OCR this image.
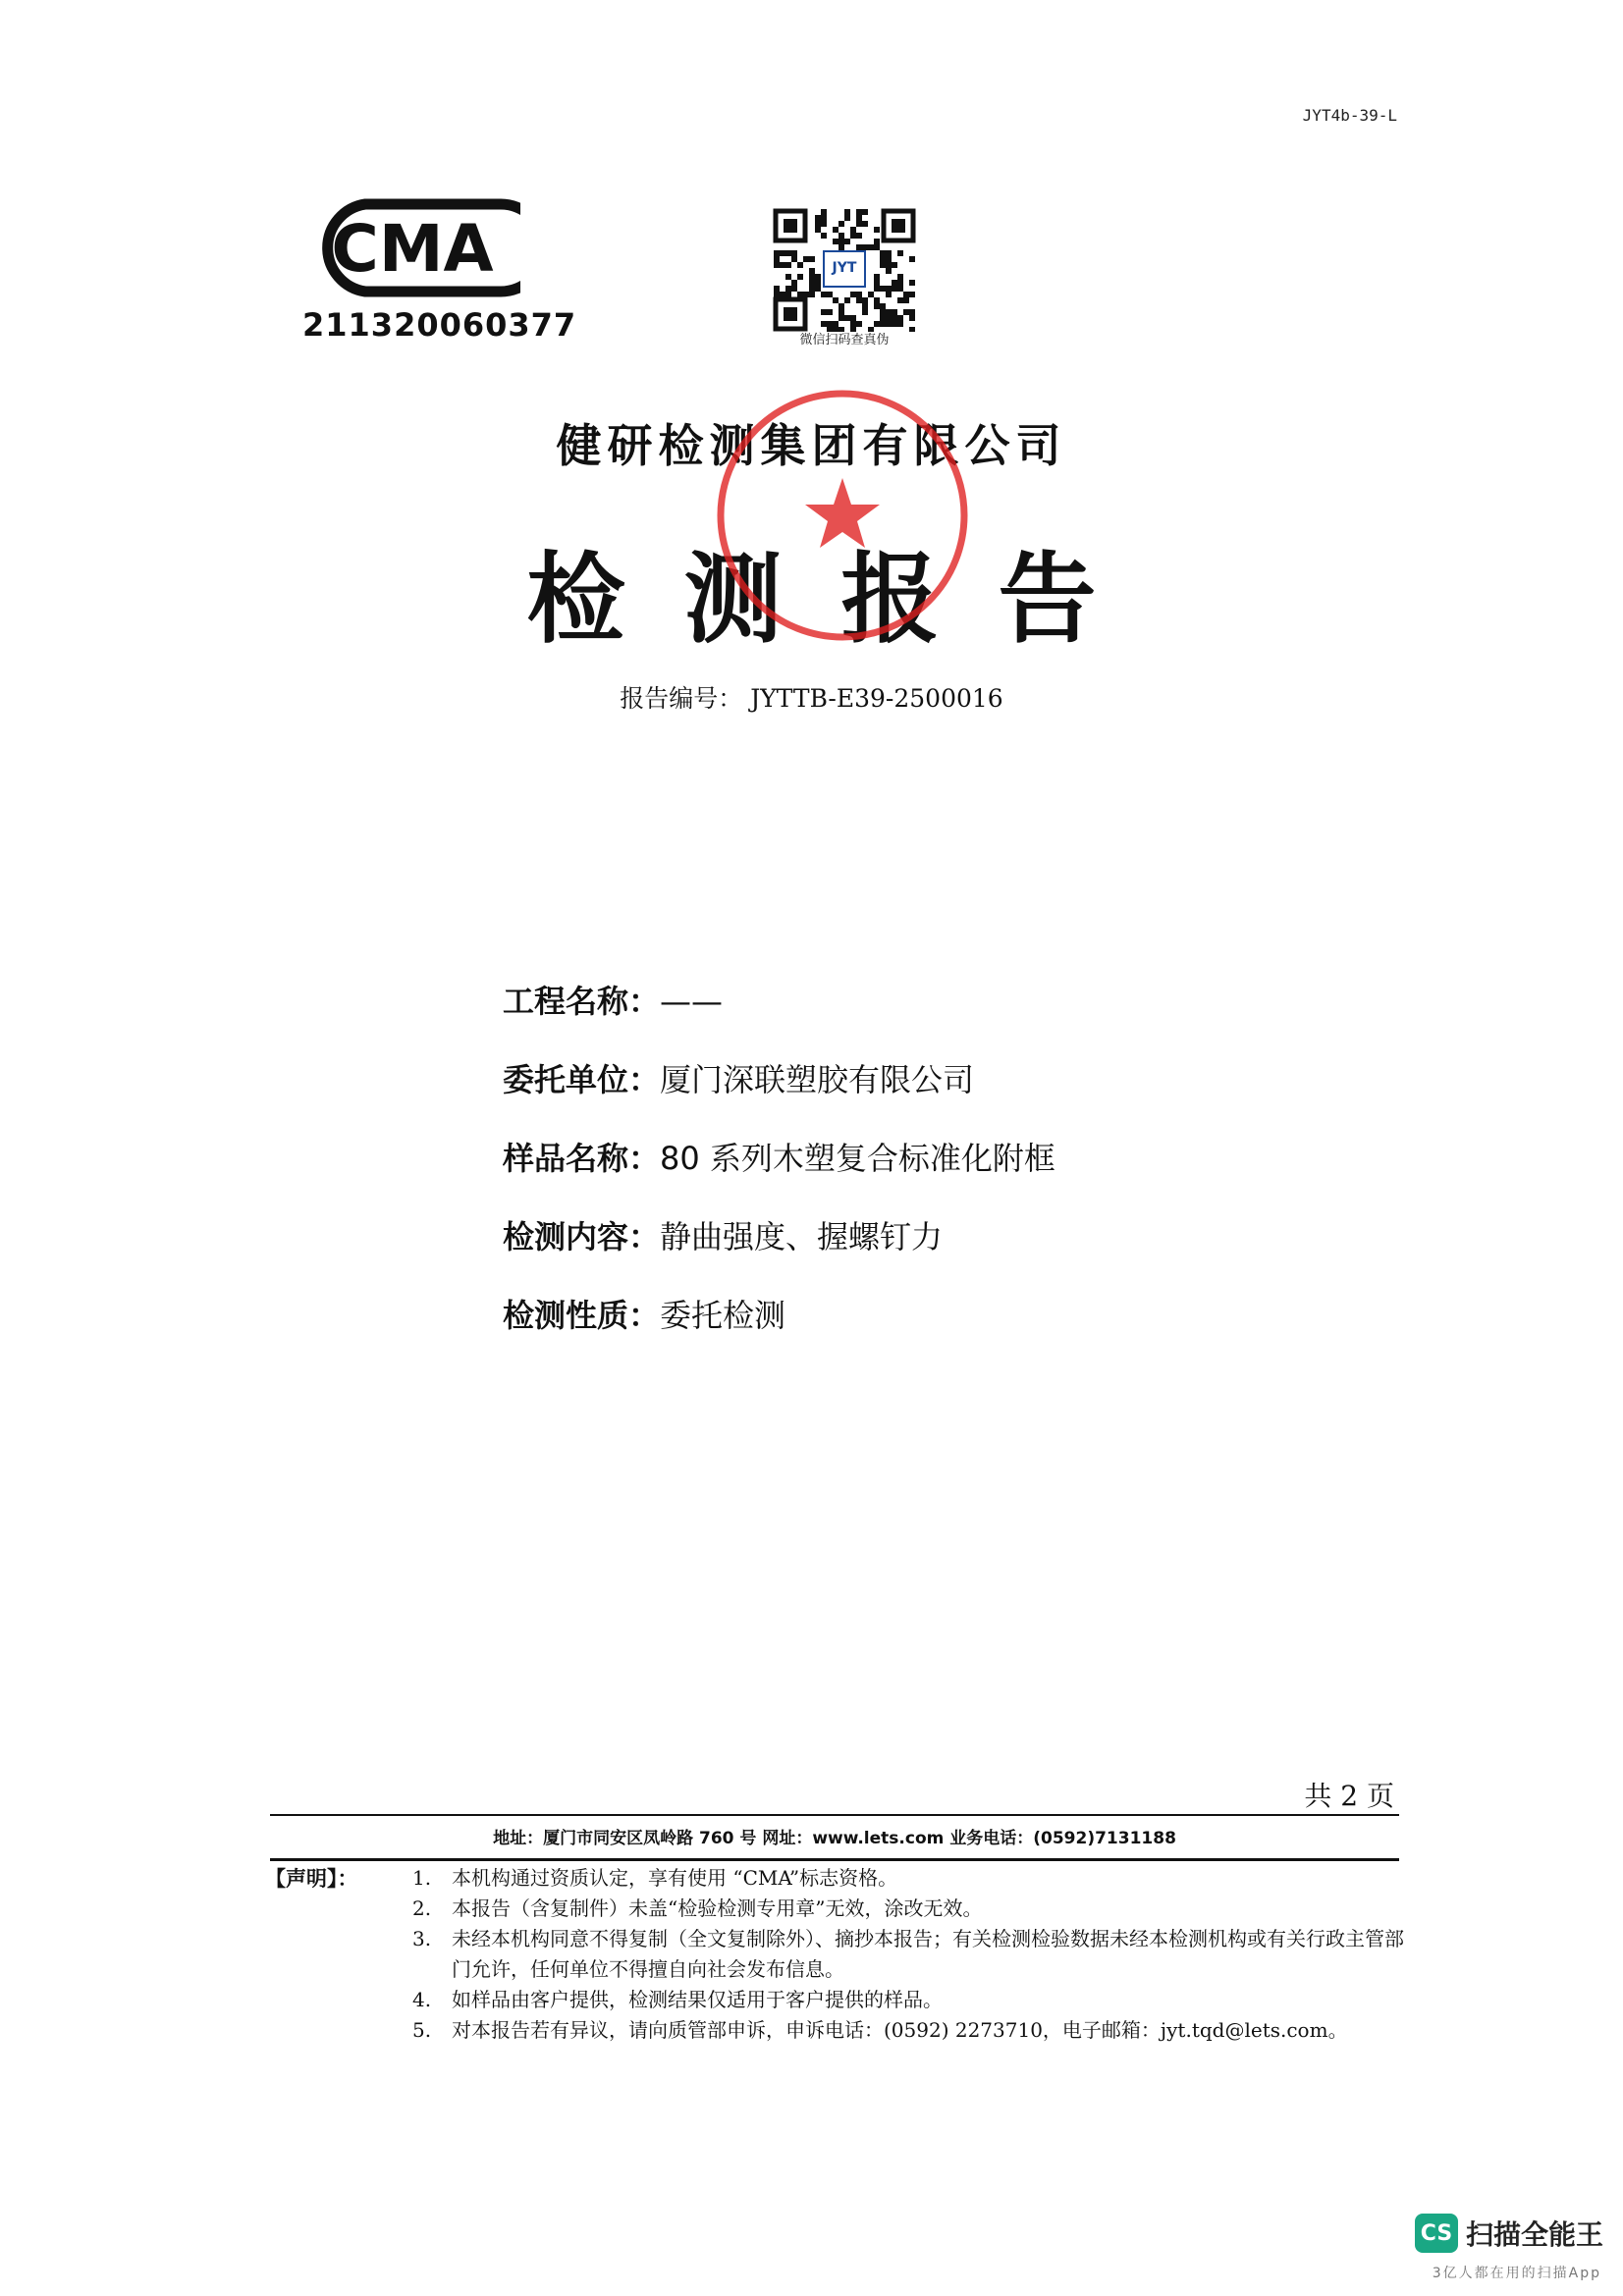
JYT4b-39-L
CMA
211320060377
JYT
微信扫码查真伪
健研检测集团有限公司
检测报告
报告编号： JYTTB-E39-2500016
工程名称： ——
委托单位： 厦门深联塑胶有限公司
样品名称： 80 系列木塑复合标准化附框
检测内容： 静曲强度、握螺钉力
检测性质： 委托检测
共 2 页
地址：厦门市同安区凤岭路 760 号 网址：www.lets.com 业务电话：(0592)7131188
【声明】：	1.	本机构通过资质认定，享有使用 “CMA”标志资格。
2.	本报告（含复制件）未盖“检验检测专用章”无效，涂改无效。
3.	未经本机构同意不得复制（全文复制除外）、摘抄本报告；有关检测检验数据未经本检测机构或有关行政主管部门允许，任何单位不得擅自向社会发布信息。
4.	如样品由客户提供，检测结果仅适用于客户提供的样品。
5.	对本报告若有异议，请向质管部申诉，申诉电话：(0592) 2273710，电子邮箱：jyt.tqd@lets.com。
CS 扫描全能王
3亿人都在用的扫描App
